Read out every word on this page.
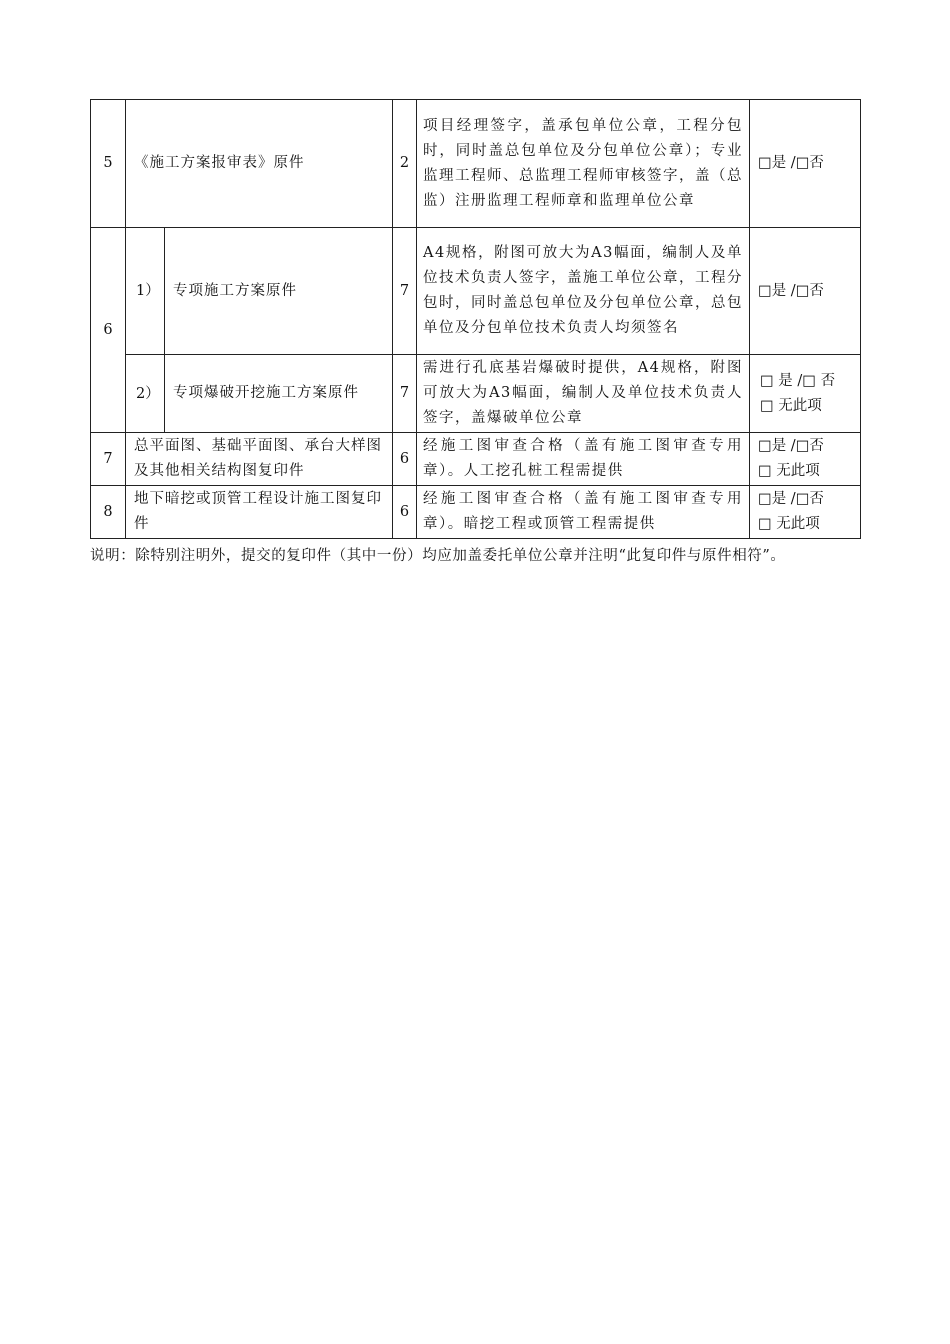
5	《施工方案报审表》原件		2	项目经理签字，盖承包单位公章，工程分包时，同时盖总包单位及分包单位公章）；专业监理工程师、总监理工程师审核签字，盖（总监）注册监理工程师章和监理单位公章	□是 /□否
6	1）	专项施工方案原件	7	A4规格，附图可放大为A3幅面，编制人及单位技术负责人签字，盖施工单位公章，工程分包时，同时盖总包单位及分包单位公章，总包单位及分包单位技术负责人均须签名	□是 /□否
	2）	专项爆破开挖施工方案原件	7	需进行孔底基岩爆破时提供，A4规格，附图可放大为A3幅面，编制人及单位技术负责人签字，盖爆破单位公章	□ 是 /□ 否
□ 无此项

7	总平面图、基础平面图、承台大样图及其他相关结构图复印件		6	经施工图审查合格（盖有施工图审查专用章）。人工挖孔桩工程需提供	□是 /□否
□ 无此项

8	地下暗挖或顶管工程设计施工图复印件		6	经施工图审查合格（盖有施工图审查专用章）。暗挖工程或顶管工程需提供	□是 /□否
□ 无此项
说明：除特别注明外，提交的复印件（其中一份）均应加盖委托单位公章并注明“此复印件与原件相符”。
